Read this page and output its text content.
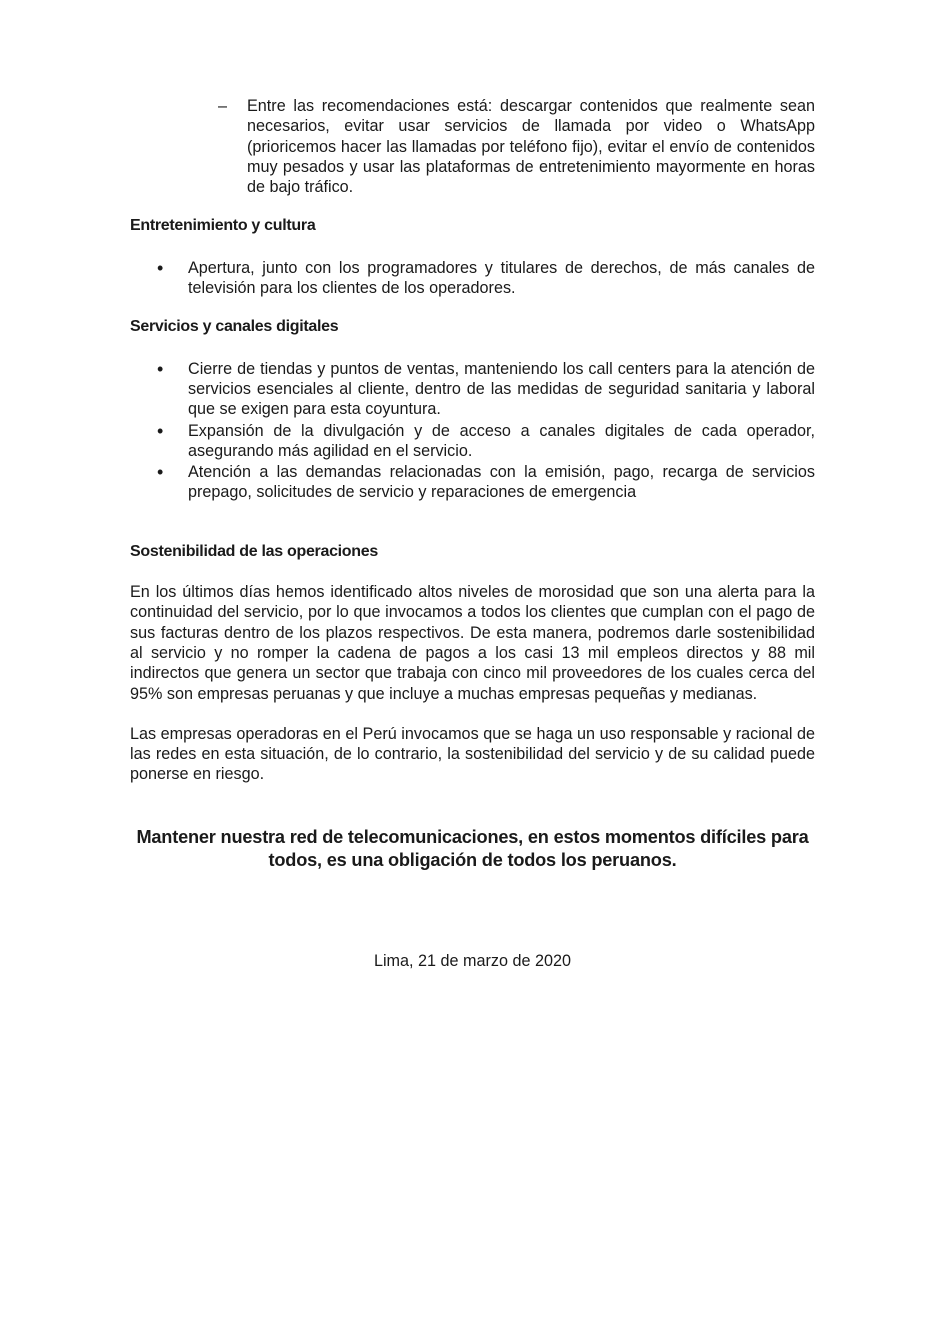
– Entre las recomendaciones está: descargar contenidos que realmente sean necesarios, evitar usar servicios de llamada por video o WhatsApp (prioricemos hacer las llamadas por teléfono fijo), evitar el envío de contenidos muy pesados y usar las plataformas de entretenimiento mayormente en horas de bajo tráfico.
Entretenimiento y cultura
• Apertura, junto con los programadores y titulares de derechos, de más canales de televisión para los clientes de los operadores.
Servicios y canales digitales
• Cierre de tiendas y puntos de ventas, manteniendo los call centers para la atención de servicios esenciales al cliente, dentro de las medidas de seguridad sanitaria y laboral que se exigen para esta coyuntura.
• Expansión de la divulgación y de acceso a canales digitales de cada operador, asegurando más agilidad en el servicio.
• Atención a las demandas relacionadas con la emisión, pago, recarga de servicios prepago, solicitudes de servicio y reparaciones de emergencia
Sostenibilidad de las operaciones

En los últimos días hemos identificado altos niveles de morosidad que son una alerta para la continuidad del servicio, por lo que invocamos a todos los clientes que cumplan con el pago de sus facturas dentro de los plazos respectivos. De esta manera, podremos darle sostenibilidad al servicio y no romper la cadena de pagos a los casi 13 mil empleos directos y 88 mil indirectos que genera un sector que trabaja con cinco mil proveedores de los cuales cerca del 95% son empresas peruanas y que incluye a muchas empresas pequeñas y medianas.

Las empresas operadoras en el Perú invocamos que se haga un uso responsable y racional de las redes en esta situación, de lo contrario, la sostenibilidad del servicio y de su calidad puede ponerse en riesgo.

Mantener nuestra red de telecomunicaciones, en estos momentos difíciles para
todos, es una obligación de todos los peruanos.
Lima, 21 de marzo de 2020
